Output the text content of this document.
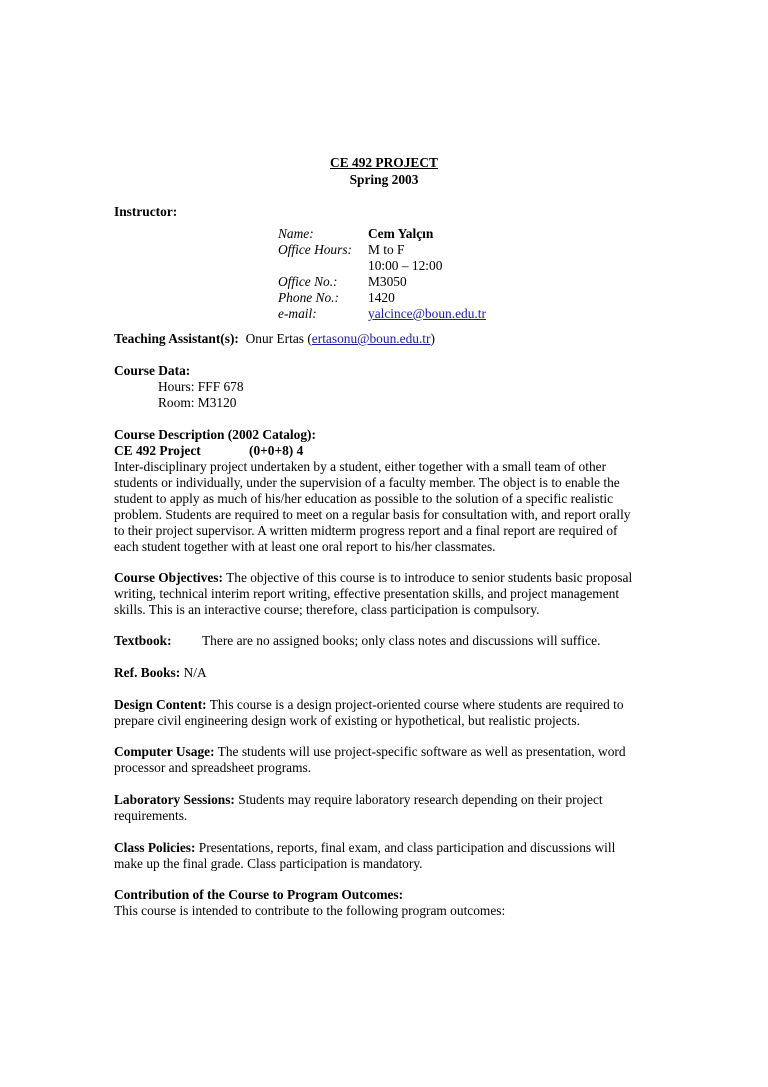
CE 492 PROJECT
Spring 2003
Instructor:
Name:	Cem Yalçın
Office Hours: M to F
10:00 – 12:00
Office No.: M3050
Phone No.: 1420
e-mail:	yalcince@boun.edu.tr
Teaching Assistant(s): Onur Ertas (ertasonu@boun.edu.tr)
Course Data:
Hours: FFF 678
Room: M3120
Course Description (2002 Catalog):
CE 492 Project	(0+0+8) 4
Inter-disciplinary project undertaken by a student, either together with a small team of other
students or individually, under the supervision of a faculty member. The object is to enable the
student to apply as much of his/her education as possible to the solution of a specific realistic
problem. Students are required to meet on a regular basis for consultation with, and report orally
to their project supervisor. A written midterm progress report and a final report are required of
each student together with at least one oral report to his/her classmates.
Course Objectives: The objective of this course is to introduce to senior students basic proposal
writing, technical interim report writing, effective presentation skills, and project management
skills. This is an interactive course; therefore, class participation is compulsory.
Textbook: There are no assigned books; only class notes and discussions will suffice.
Ref. Books: N/A
Design Content: This course is a design project-oriented course where students are required to
prepare civil engineering design work of existing or hypothetical, but realistic projects.
Computer Usage: The students will use project-specific software as well as presentation, word
processor and spreadsheet programs.
Laboratory Sessions: Students may require laboratory research depending on their project
requirements.
Class Policies: Presentations, reports, final exam, and class participation and discussions will
make up the final grade. Class participation is mandatory.
Contribution of the Course to Program Outcomes:
This course is intended to contribute to the following program outcomes:
